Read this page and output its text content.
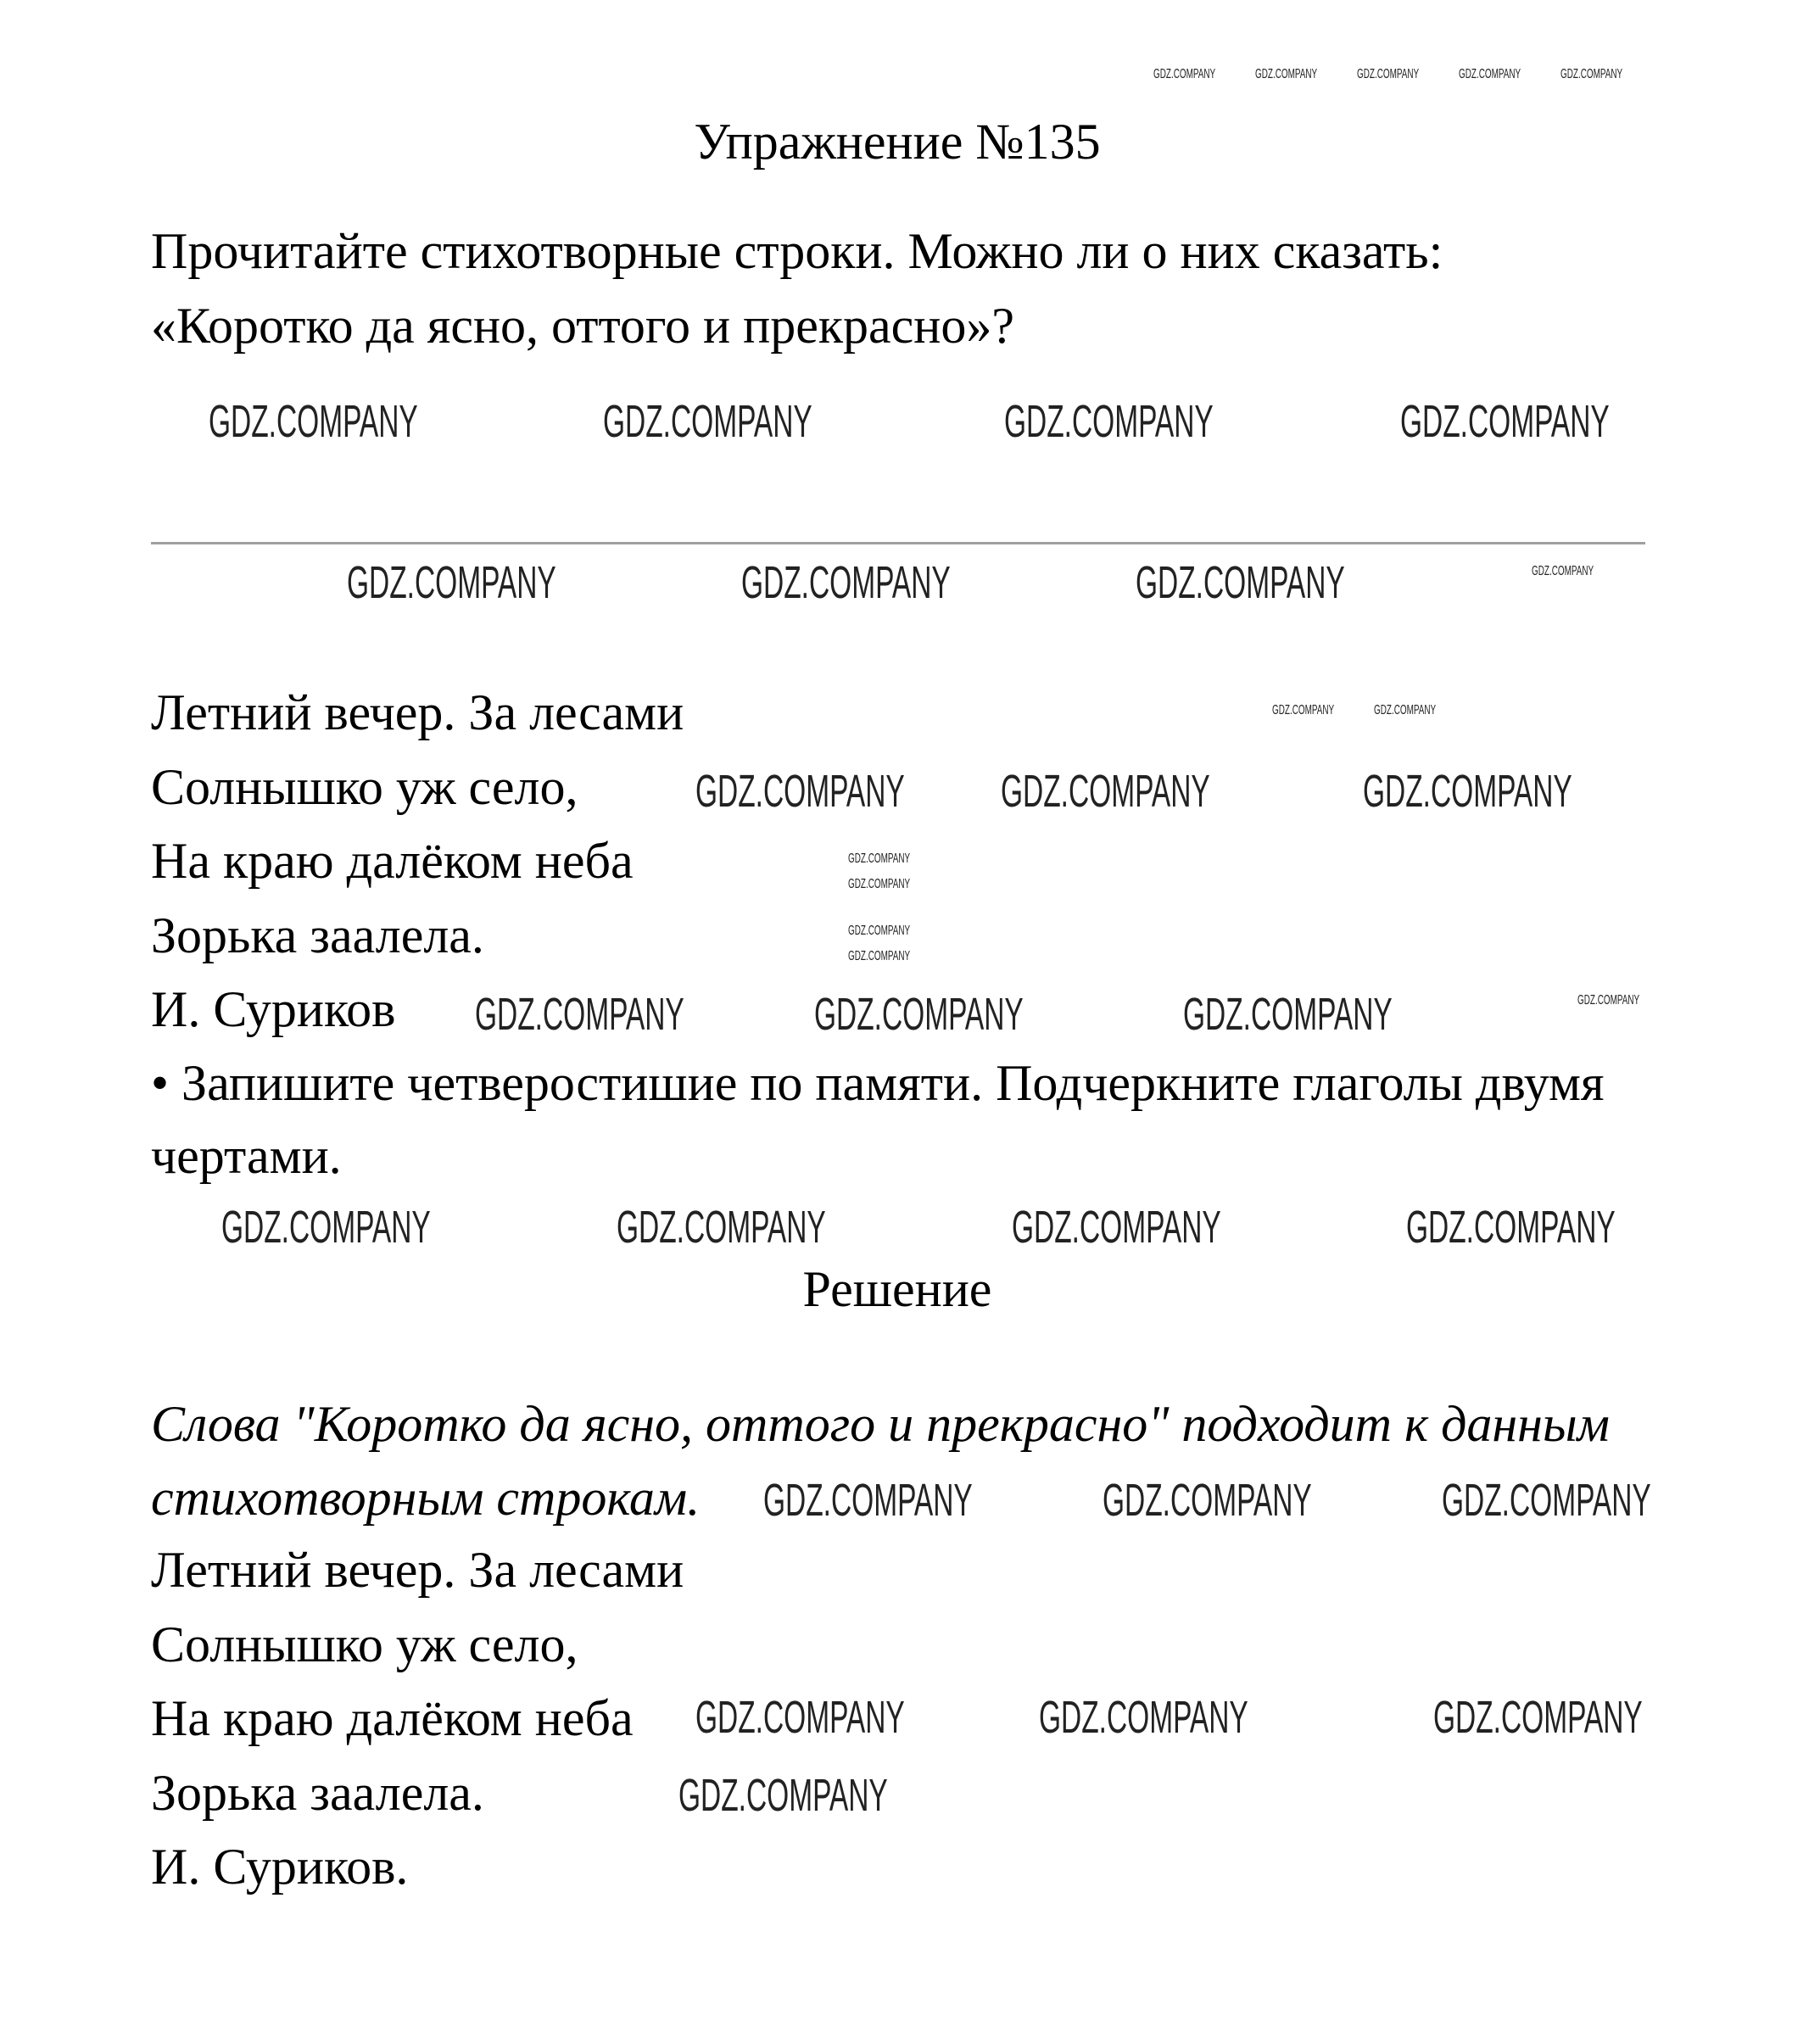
Упражнение №135
Прочитайте стихотворные строки. Можно ли о них сказать:
«Коротко да ясно, оттого и прекрасно»?
Летний вечер. За лесами
Солнышко уж село,
На краю далёком неба
Зорька заалела.
И. Суриков
• Запишите четверостишие по памяти. Подчеркните глаголы двумя
чертами.
Решение
Слова "Коротко да ясно, оттого и прекрасно" подходит к данным
стихотворным строкам.
Летний вечер. За лесами
Солнышко уж село,
На краю далёком неба
Зорька заалела.
И. Суриков.
GDZ.COMPANY	GDZ.COMPANY	GDZ.COMPANY	GDZ.COMPANY	GDZ.COMPANY
GDZ.COMPANY	GDZ.COMPANY	GDZ.COMPANY	GDZ.COMPANY
GDZ.COMPANY	GDZ.COMPANY	GDZ.COMPANY	GDZ.COMPANY
GDZ.COMPANY	GDZ.COMPANY
GDZ.COMPANY GDZ.COMPANY	GDZ.COMPANY
GDZ.COMPANY
GDZ.COMPANY
GDZ.COMPANY
GDZ.COMPANY
GDZ.COMPANY	GDZ.COMPANY	GDZ.COMPANY	GDZ.COMPANY
GDZ.COMPANY	GDZ.COMPANY	GDZ.COMPANY	GDZ.COMPANY
GDZ.COMPANY	GDZ.COMPANY	GDZ.COMPANY
GDZ.COMPANY	GDZ.COMPANY	GDZ.COMPANY
GDZ.COMPANY
